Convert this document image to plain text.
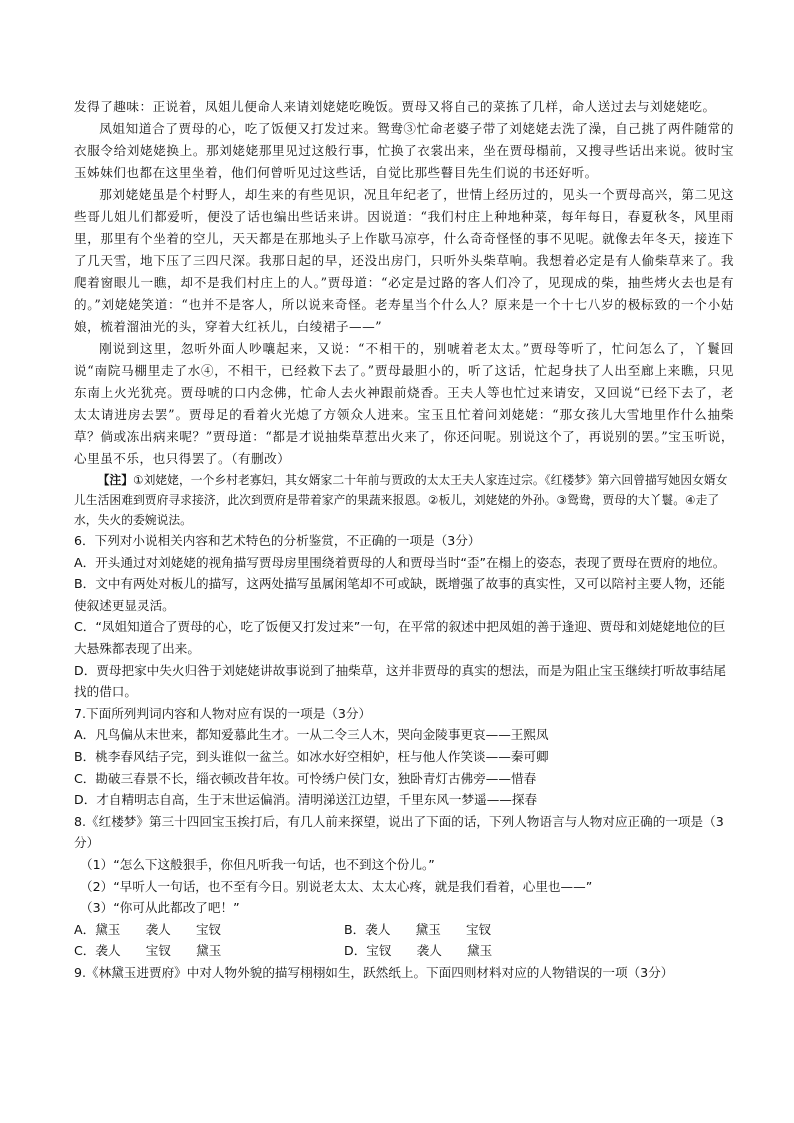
发得了趣味：正说着，凤姐儿便命人来请刘姥姥吃晚饭。贾母又将自己的菜拣了几样，命人送过去与刘姥姥吃。

凤姐知道合了贾母的心，吃了饭便又打发过来。鸳鸯③忙命老婆子带了刘姥姥去洗了澡，自己挑了两件随常的衣服令给刘姥姥换上。那刘姥姥那里见过这般行事，忙换了衣裳出来，坐在贾母榻前，又搜寻些话出来说。彼时宝玉姊妹们也都在这里坐着，他们何曾听见过这些话，自觉比那些瞽目先生们说的书还好听。

那刘姥姥虽是个村野人，却生来的有些见识，况且年纪老了，世情上经历过的，见头一个贾母高兴，第二见这些哥儿姐儿们都爱听，便没了话也编出些话来讲。因说道：“我们村庄上种地种菜，每年每日，春夏秋冬，风里雨里，那里有个坐着的空儿，天天都是在那地头子上作歇马凉亭，什么奇奇怪怪的事不见呢。就像去年冬天，接连下了几天雪，地下压了三四尺深。我那日起的早，还没出房门，只听外头柴草响。我想着必定是有人偷柴草来了。我爬着窗眼儿一瞧，却不是我们村庄上的人。”贾母道：“必定是过路的客人们冷了，见现成的柴，抽些烤火去也是有的。”刘姥姥笑道：“也并不是客人，所以说来奇怪。老寿星当个什么人？原来是一个十七八岁的极标致的一个小姑娘，梳着溜油光的头，穿着大红袄儿，白绫裙子——”

刚说到这里，忽听外面人吵嚷起来，又说：“不相干的，别唬着老太太。”贾母等听了，忙问怎么了，丫鬟回说“南院马棚里走了水④，不相干，已经救下去了。”贾母最胆小的，听了这话，忙起身扶了人出至廊上来瞧，只见东南上火光犹亮。贾母唬的口内念佛，忙命人去火神跟前烧香。王夫人等也忙过来请安，又回说“已经下去了，老太太请进房去罢”。贾母足的看着火光熄了方领众人进来。宝玉且忙着问刘姥姥：“那女孩儿大雪地里作什么抽柴草？倘或冻出病来呢？”贾母道：“都是才说抽柴草惹出火来了，你还问呢。别说这个了，再说别的罢。”宝玉听说，心里虽不乐，也只得罢了。（有删改）

【注】①刘姥姥，一个乡村老寡妇，其女婿家二十年前与贾政的太太王夫人家连过宗。《红楼梦》第六回曾描写她因女婿女儿生活困难到贾府寻求接济，此次到贾府是带着家产的果蔬来报恩。②板儿，刘姥姥的外孙。③鸳鸯，贾母的大丫鬟。④走了水，失火的委婉说法。

6．下列对小说相关内容和艺术特色的分析鉴赏，不正确的一项是（3分）

A．开头通过对刘姥姥的视角描写贾母房里围绕着贾母的人和贾母当时“歪”在榻上的姿态，表现了贾母在贾府的地位。

B．文中有两处对板儿的描写，这两处描写虽属闲笔却不可或缺，既增强了故事的真实性，又可以陪衬主要人物，还能使叙述更显灵活。

C．“凤姐知道合了贾母的心，吃了饭便又打发过来”一句，在平常的叙述中把凤姐的善于逢迎、贾母和刘姥姥地位的巨大悬殊都表现了出来。

D．贾母把家中失火归咎于刘姥姥讲故事说到了抽柴草，这并非贾母的真实的想法，而是为阻止宝玉继续打听故事结尾找的借口。

7.下面所列判词内容和人物对应有误的一项是（3分）

A．凡鸟偏从末世来，都知爱慕此生才。一从二令三人木，哭向金陵事更哀——王熙凤

B．桃李春风结子完，到头谁似一盆兰。如冰水好空相妒，枉与他人作笑谈——秦可卿

C．勘破三春景不长，缁衣顿改昔年妆。可怜绣户侯门女，独卧青灯古佛旁——惜春

D．才自精明志自高，生于末世运偏消。清明涕送江边望，千里东风一梦遥——探春

8.《红楼梦》第三十四回宝玉挨打后，有几人前来探望，说出了下面的话，下列人物语言与人物对应正确的一项是（3分）

（1）“怎么下这般狠手，你但凡听我一句话，也不到这个份儿。”

（2）“早听人一句话，也不至有今日。别说老太太、太太心疼，就是我们看着，心里也——”

（3）“你可从此都改了吧！”

A．黛玉　　袭人　　宝钗	B．袭人　　黛玉　　宝钗
C．袭人　　宝钗　　黛玉	D．宝钗　　袭人　　黛玉

9.《林黛玉进贾府》中对人物外貌的描写栩栩如生，跃然纸上。下面四则材料对应的人物错误的一项（3分）
